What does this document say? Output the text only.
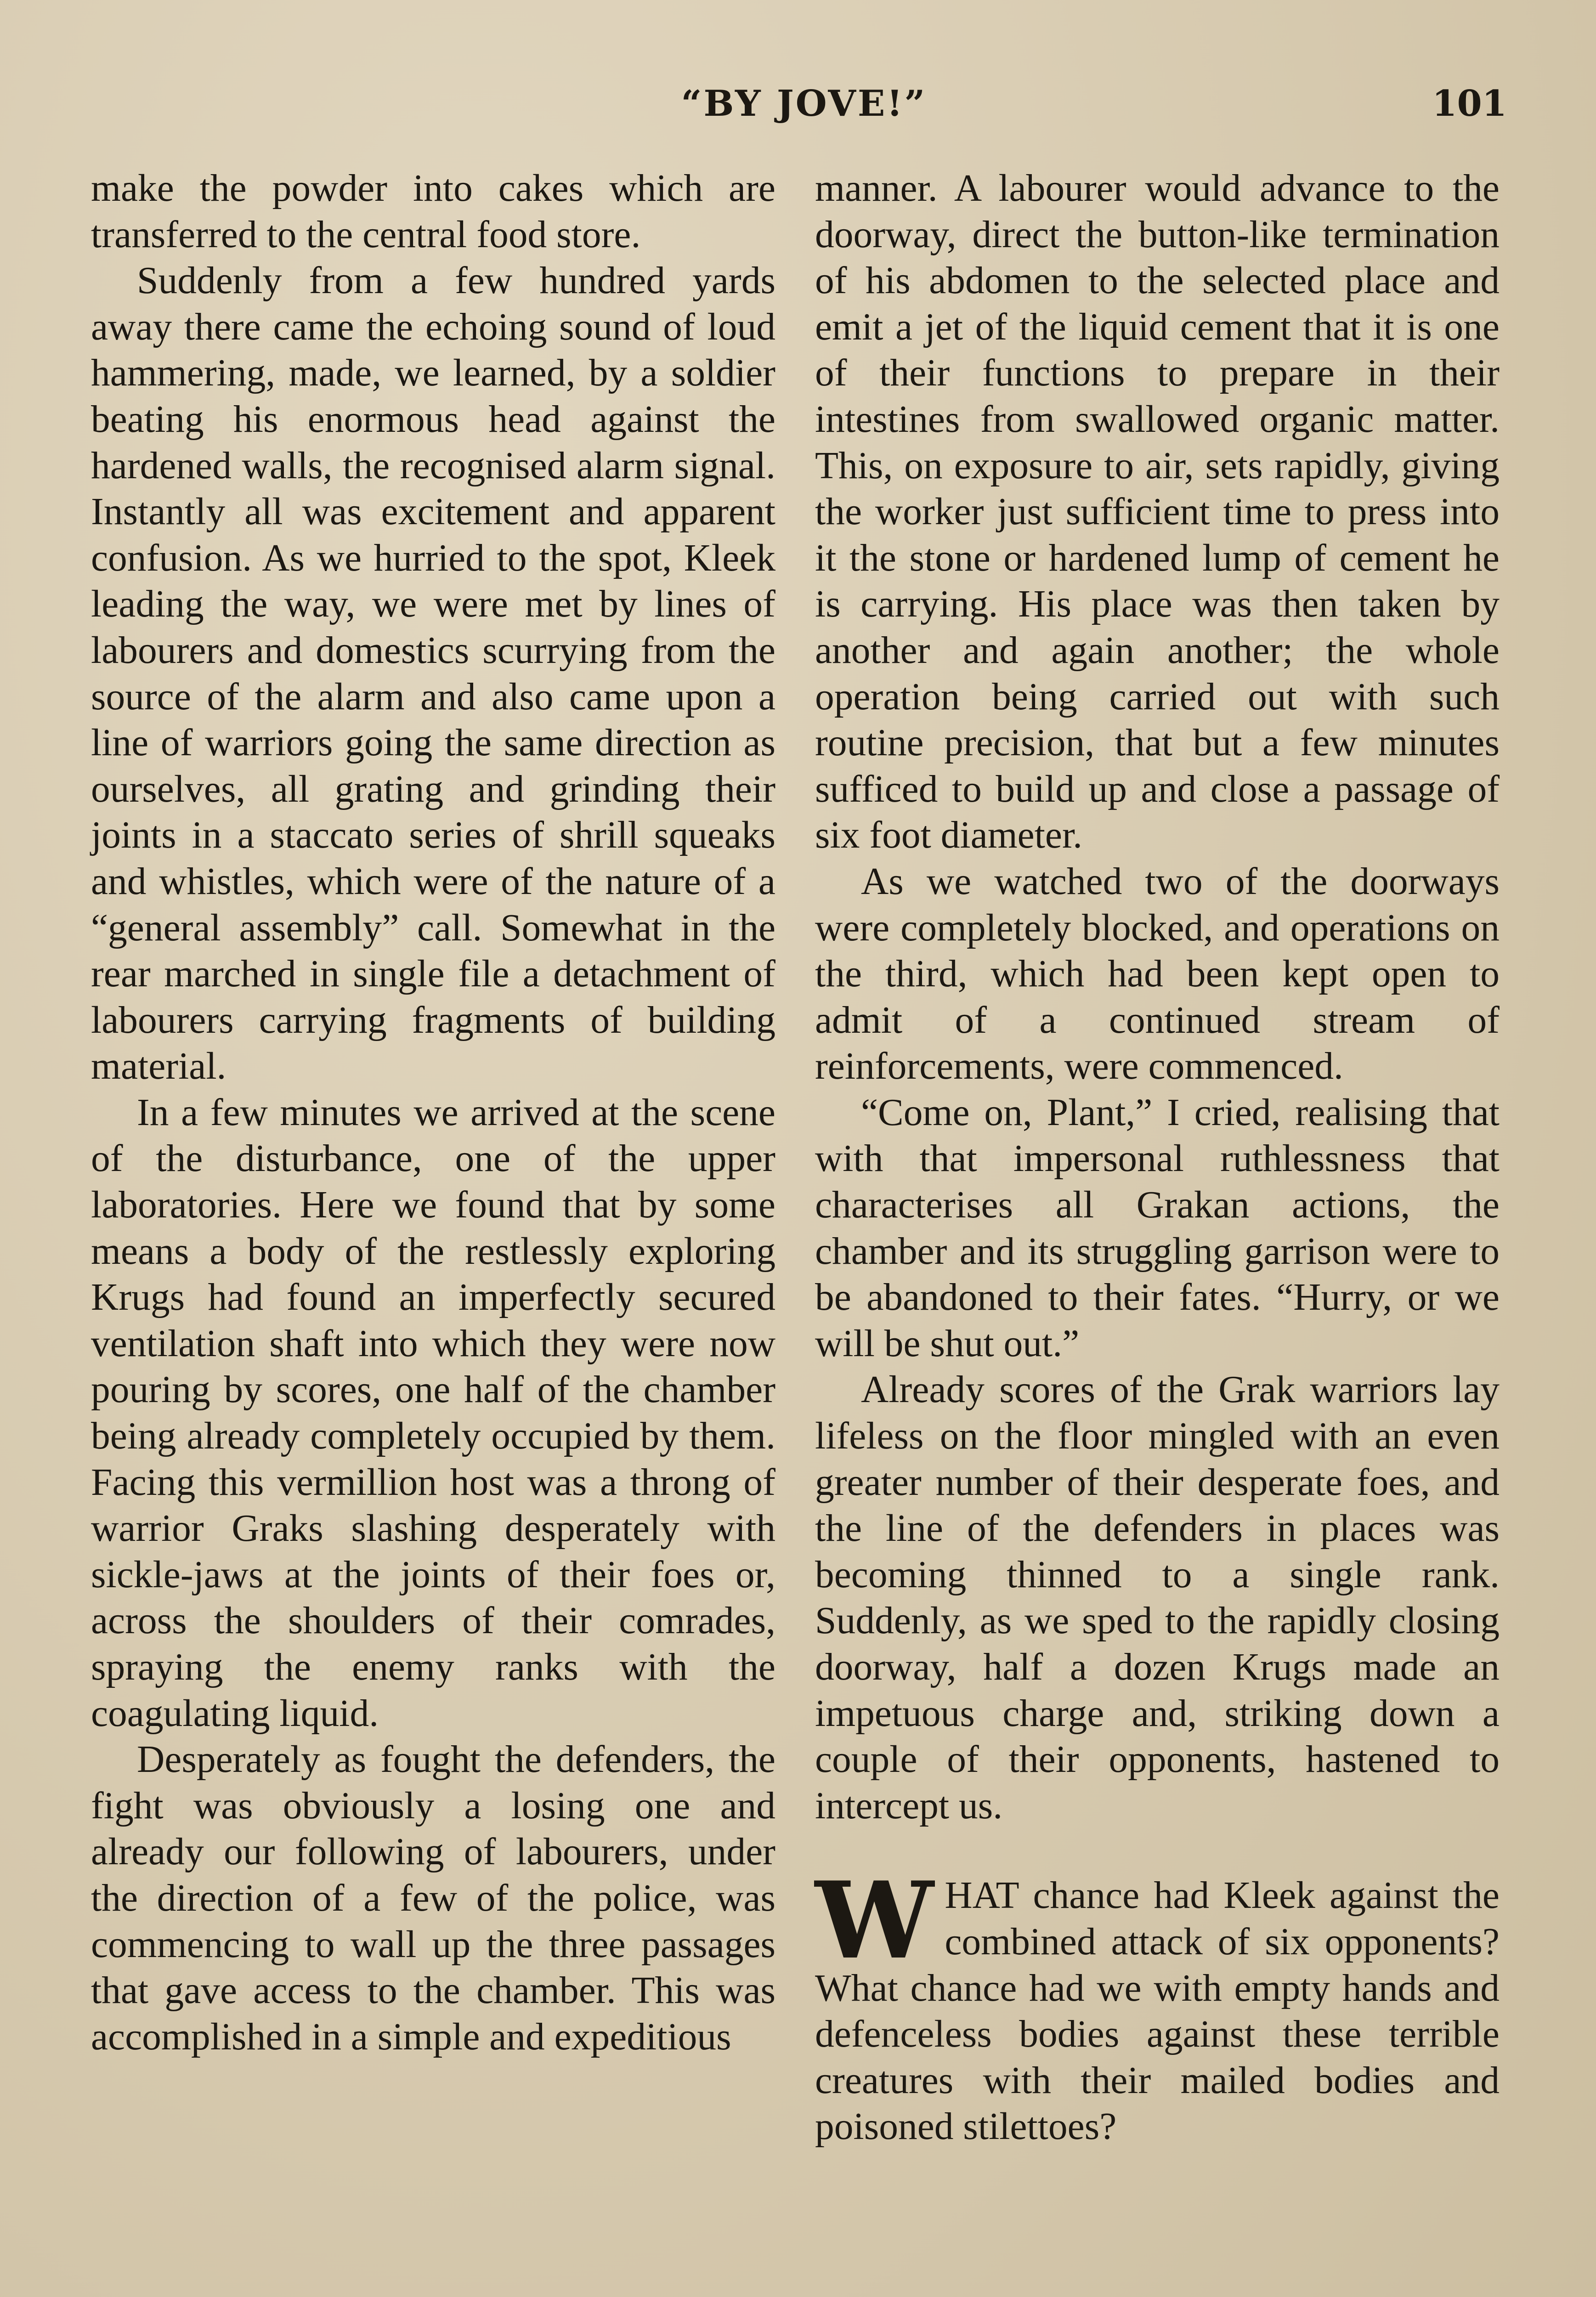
“BY JOVE!”	101

make the powder into cakes which are transferred to the central food store.

Suddenly from a few hundred yards away there came the echoing sound of loud hammering, made, we learned, by a soldier beating his enormous head against the hardened walls, the recognised alarm signal. Instantly all was excitement and apparent confusion. As we hurried to the spot, Kleek leading the way, we were met by lines of labourers and domestics scurrying from the source of the alarm and also came upon a line of warriors going the same direction as ourselves, all grating and grinding their joints in a staccato series of shrill squeaks and whistles, which were of the nature of a “general assembly” call. Somewhat in the rear marched in single file a detachment of labourers carrying fragments of building material.

In a few minutes we arrived at the scene of the disturbance, one of the upper laboratories. Here we found that by some means a body of the restlessly exploring Krugs had found an imperfectly secured ventilation shaft into which they were now pouring by scores, one half of the chamber being already completely occupied by them. Facing this vermillion host was a throng of warrior Graks slashing desperately with sickle-jaws at the joints of their foes or, across the shoulders of their comrades, spraying the enemy ranks with the coagulating liquid.

Desperately as fought the defenders, the fight was obviously a losing one and already our following of labourers, under the direction of a few of the police, was commencing to wall up the three passages that gave access to the chamber. This was accomplished in a simple and expeditious

manner. A labourer would advance to the doorway, direct the button-like termination of his abdomen to the selected place and emit a jet of the liquid cement that it is one of their functions to prepare in their intestines from swallowed organic matter. This, on exposure to air, sets rapidly, giving the worker just sufficient time to press into it the stone or hardened lump of cement he is carrying. His place was then taken by another and again another; the whole operation being carried out with such routine precision, that but a few minutes sufficed to build up and close a passage of six foot diameter.

As we watched two of the doorways were completely blocked, and operations on the third, which had been kept open to admit of a continued stream of reinforcements, were commenced.

“Come on, Plant,” I cried, realising that with that impersonal ruthlessness that characterises all Grakan actions, the chamber and its struggling garrison were to be abandoned to their fates. “Hurry, or we will be shut out.”

Already scores of the Grak warriors lay lifeless on the floor mingled with an even greater number of their desperate foes, and the line of the defenders in places was becoming thinned to a single rank. Suddenly, as we sped to the rapidly closing doorway, half a dozen Krugs made an impetuous charge and, striking down a couple of their opponents, hastened to intercept us.

WHAT chance had Kleek against the combined attack of six opponents? What chance had we with empty hands and defenceless bodies against these terrible creatures with their mailed bodies and poisoned stilettoes?
